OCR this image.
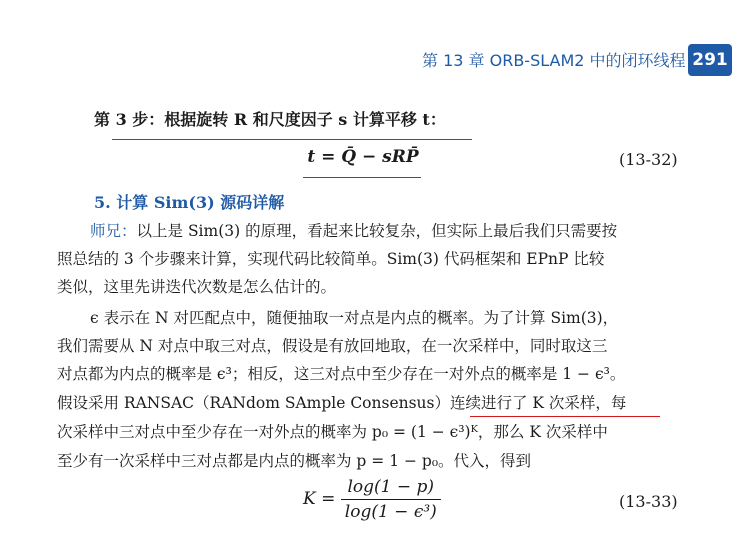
第 13 章 ORB-SLAM2 中的闭环线程 291
第 3 步：根据旋转 R 和尺度因子 s 计算平移 t：
t = Q̄ − sRP̄	(13-32)
5. 计算 Sim(3) 源码详解
师兄：以上是 Sim(3) 的原理，看起来比较复杂，但实际上最后我们只需要按
照总结的 3 个步骤来计算，实现代码比较简单。Sim(3) 代码框架和 EPnP 比较
类似，这里先讲迭代次数是怎么估计的。
ϵ 表示在 N 对匹配点中，随便抽取一对点是内点的概率。为了计算 Sim(3)，
我们需要从 N 对点中取三对点，假设是有放回地取，在一次采样中，同时取这三
对点都为内点的概率是 ϵ³；相反，这三对点中至少存在一对外点的概率是 1 − ϵ³。
假设采用 RANSAC（RANdom SAmple Consensus）连续进行了 K 次采样，每
次采样中三对点中至少存在一对外点的概率为 p₀ = (1 − ϵ³)ᴷ，那么 K 次采样中
至少有一次采样中三对点都是内点的概率为 p = 1 − p₀。代入，得到
$K = \frac{\log(1 - p)}{\text{log(1 − ϵ³)}}$	(13-33)
